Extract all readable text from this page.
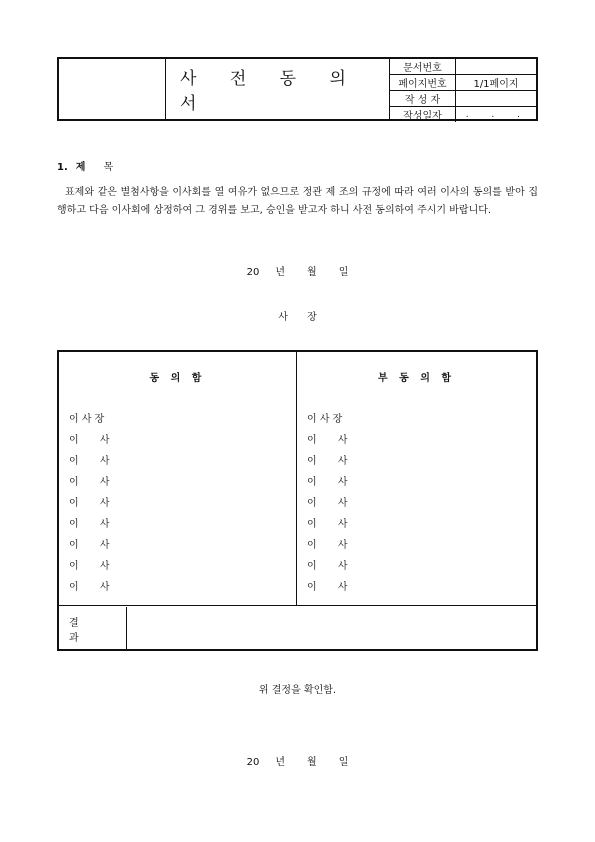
사 전 동 의 서
문서번호
페이지번호	1/1페이지
작 성 자
작성일자	. . .
1. 제 목

표제와 같은 별첨사항을 이사회를 열 여유가 없으므로 정관 제 조의 규정에 따라 여러 이사의 동의를 받아 집행하고 다음 이사회에 상정하여 그 경위를 보고, 승인을 받고자 하니 사전 동의하여 주시기 바랍니다.

20 년 월 일
사 장
동 의 함
이 사 장
이 사
이 사
이 사
이 사
이 사
이 사
이 사
이 사
부 동 의 함
이 사 장
이 사
이 사
이 사
이 사
이 사
이 사
이 사
이 사
결 과
위 결정을 확인함.
20 년 월 일
